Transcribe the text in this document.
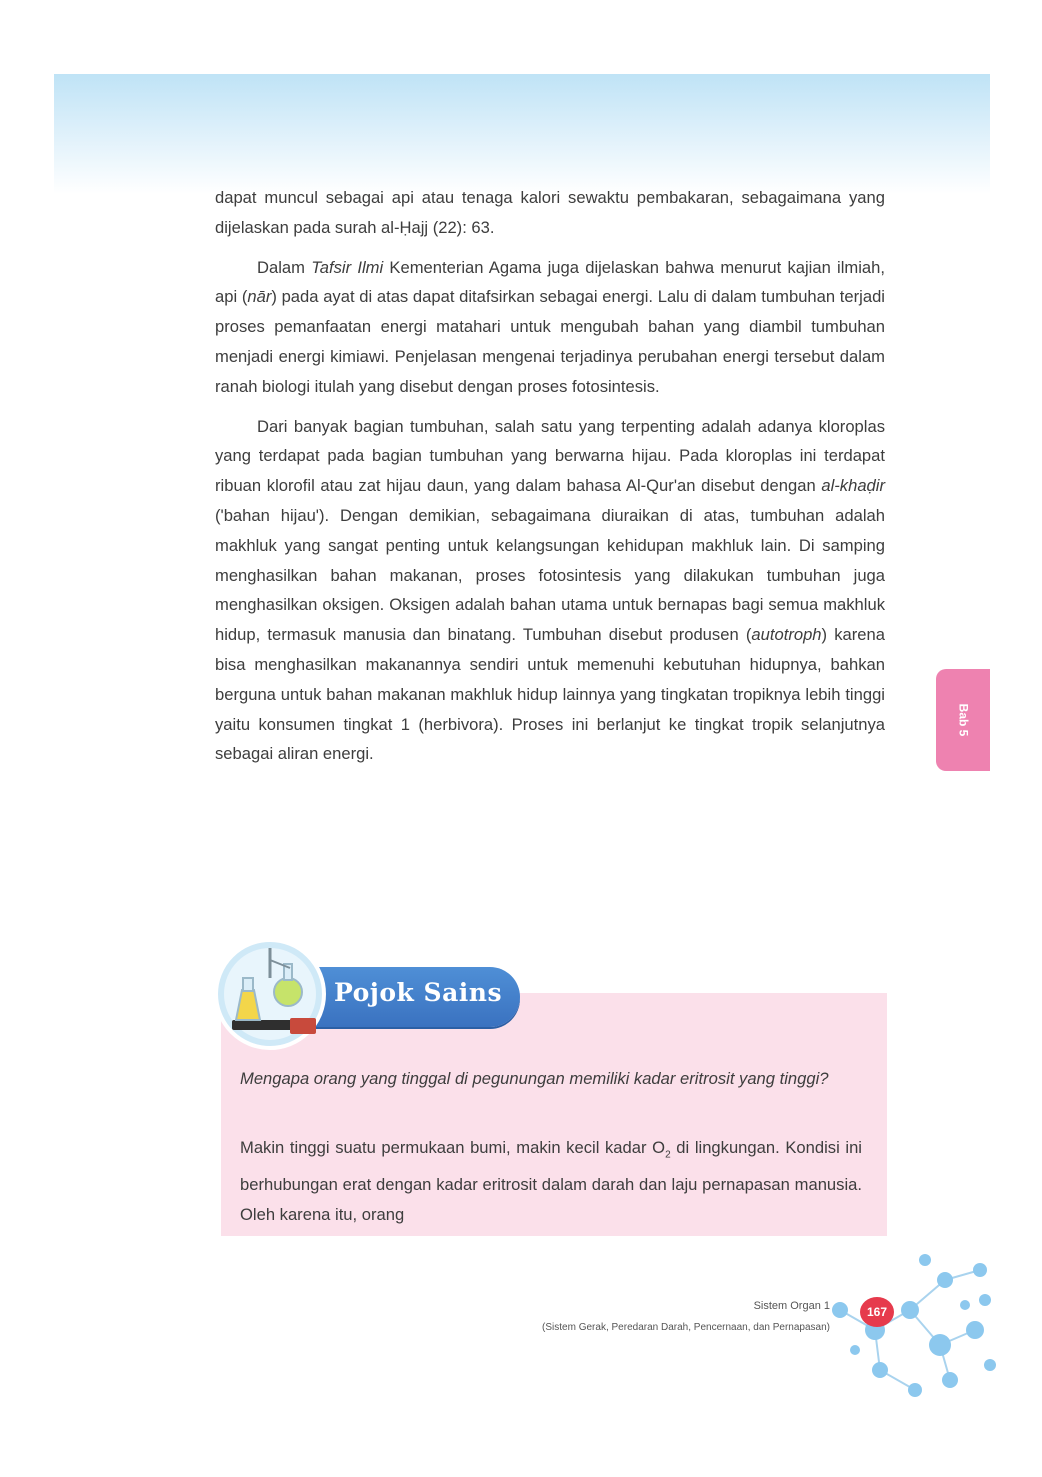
dapat muncul sebagai api atau tenaga kalori sewaktu pembakaran, sebagaimana yang dijelaskan pada surah al-Ḥajj (22): 63.

Dalam Tafsir Ilmi Kementerian Agama juga dijelaskan bahwa menurut kajian ilmiah, api (nār) pada ayat di atas dapat ditafsirkan sebagai energi. Lalu di dalam tumbuhan terjadi proses pemanfaatan energi matahari untuk mengubah bahan yang diambil tumbuhan menjadi energi kimiawi. Penjelasan mengenai terjadinya perubahan energi tersebut dalam ranah biologi itulah yang disebut dengan proses fotosintesis.

Dari banyak bagian tumbuhan, salah satu yang terpenting adalah adanya kloroplas yang terdapat pada bagian tumbuhan yang berwarna hijau. Pada kloroplas ini terdapat ribuan klorofil atau zat hijau daun, yang dalam bahasa Al-Qur'an disebut dengan al-khaḍir ('bahan hijau'). Dengan demikian, sebagaimana diuraikan di atas, tumbuhan adalah makhluk yang sangat penting untuk kelangsungan kehidupan makhluk lain. Di samping menghasilkan bahan makanan, proses fotosintesis yang dilakukan tumbuhan juga menghasilkan oksigen. Oksigen adalah bahan utama untuk bernapas bagi semua makhluk hidup, termasuk manusia dan binatang. Tumbuhan disebut produsen (autotroph) karena bisa menghasilkan makanannya sendiri untuk memenuhi kebutuhan hidupnya, bahkan berguna untuk bahan makanan makhluk hidup lainnya yang tingkatan tropiknya lebih tinggi yaitu konsumen tingkat 1 (herbivora). Proses ini berlanjut ke tingkat tropik selanjutnya sebagai aliran energi.

Bab 5
Pojok Sains

Mengapa orang yang tinggal di pegunungan memiliki kadar eritrosit yang tinggi?

Makin tinggi suatu permukaan bumi, makin kecil kadar $O_2$ di lingkungan. Kondisi ini berhubungan erat dengan kadar eritrosit dalam darah dan laju pernapasan manusia. Oleh karena itu, orang

Sistem Organ 1

(Sistem Gerak, Peredaran Darah, Pencernaan, dan Pernapasan)

167
